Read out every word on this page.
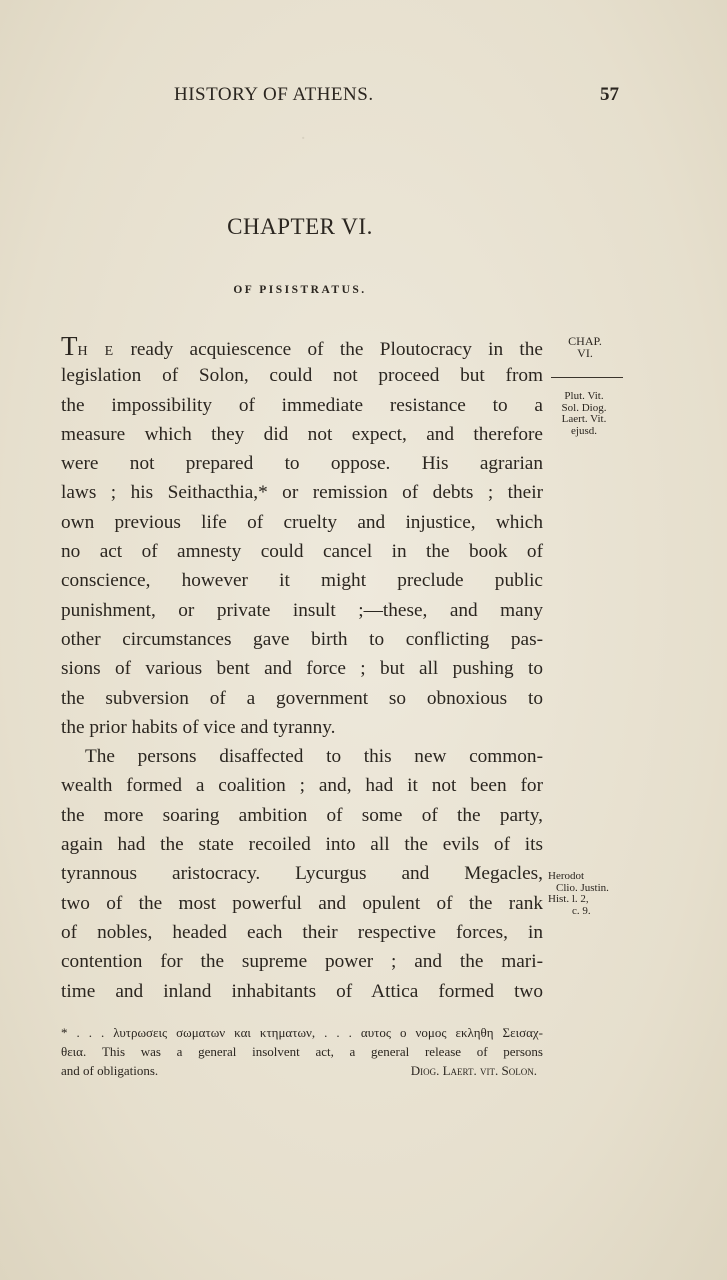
·
HISTORY OF ATHENS.	57
CHAPTER VI.
OF PISISTRATUS.
CHAP.
VI.
Plut. Vit.
Sol. Diog.
Laert. Vit.
ejusd.
Herodot
Clio. Justin.
Hist. l. 2,
c. 9.
TH E ready acquiescence of the Ploutocracy in the
legislation of Solon, could not proceed but from
the impossibility of immediate resistance to a
measure which they did not expect, and therefore
were not prepared to oppose. His agrarian
laws ; his Seithacthia,* or remission of debts ; their
own previous life of cruelty and injustice, which
no act of amnesty could cancel in the book of
conscience, however it might preclude public
punishment, or private insult ;—these, and many
other circumstances gave birth to conflicting pas-
sions of various bent and force ; but all pushing to
the subversion of a government so obnoxious to
the prior habits of vice and tyranny.
The persons disaffected to this new common-
wealth formed a coalition ; and, had it not been for
the more soaring ambition of some of the party,
again had the state recoiled into all the evils of its
tyrannous aristocracy. Lycurgus and Megacles,
two of the most powerful and opulent of the rank
of nobles, headed each their respective forces, in
contention for the supreme power ; and the mari-
time and inland inhabitants of Attica formed two
* . . . λυτρωσεις σωματων και κτηματων, . . . αυτος ο νομος εκληθη Σεισαχ-
θεια. This was a general insolvent act, a general release of persons
and of obligations.	Diog. Laert. vit. Solon.
